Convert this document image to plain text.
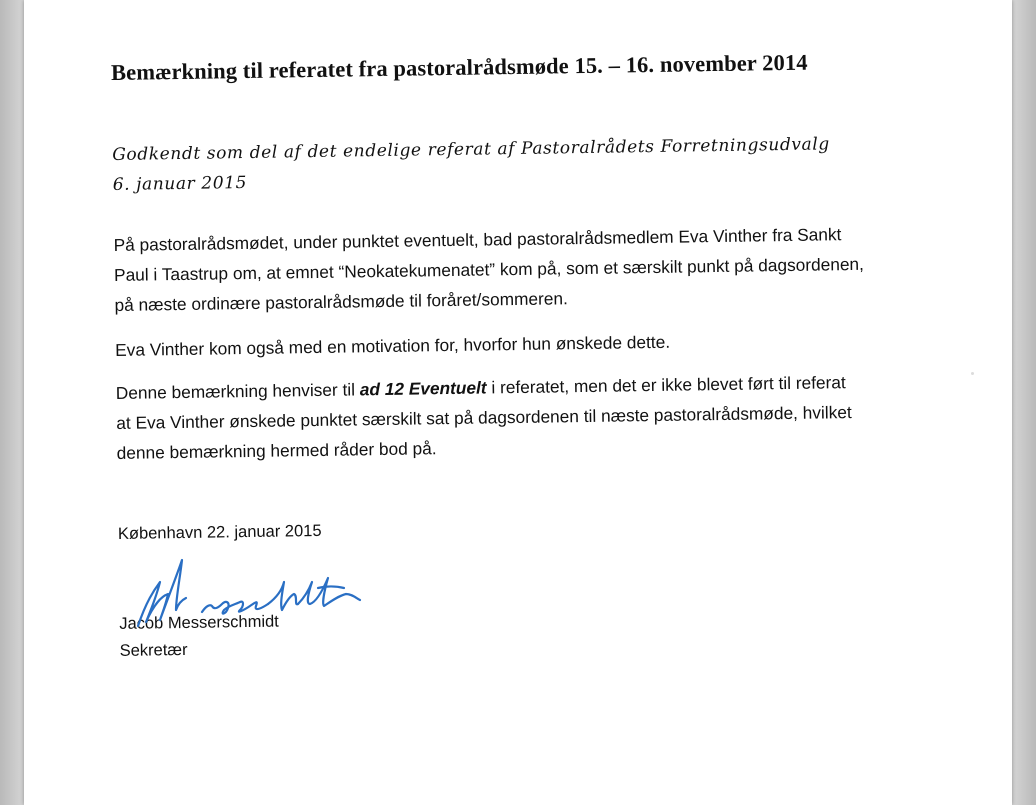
Bemærkning til referatet fra pastoralrådsmøde 15. – 16. november 2014
Godkendt som del af det endelige referat af Pastoralrådets Forretningsudvalg
6. januar 2015
På pastoralrådsmødet, under punktet eventuelt, bad pastoralrådsmedlem Eva Vinther fra Sankt
Paul i Taastrup om, at emnet “Neokatekumenatet” kom på, som et særskilt punkt på dagsordenen,
på næste ordinære pastoralrådsmøde til foråret/sommeren.
Eva Vinther kom også med en motivation for, hvorfor hun ønskede dette.
Denne bemærkning henviser til ad 12 Eventuelt i referatet, men det er ikke blevet ført til referat
at Eva Vinther ønskede punktet særskilt sat på dagsordenen til næste pastoralrådsmøde, hvilket
denne bemærkning hermed råder bod på.
København 22. januar 2015
Jacob Messerschmidt
Sekretær
